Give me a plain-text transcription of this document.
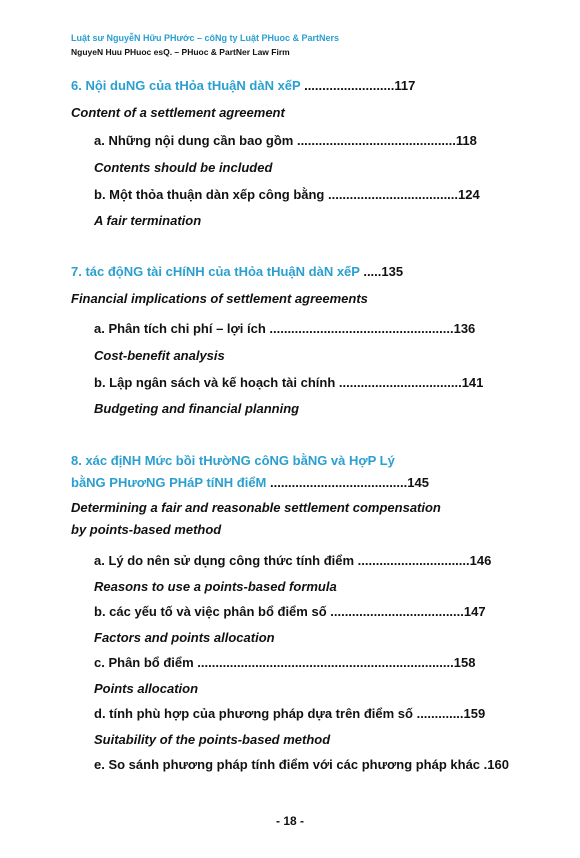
Luật sư NguyễN Hữu PHước – côNg ty Luật PHuoc & PartNers
NguyeN Huu PHuoc esQ. – PHuoc & PartNer Law Firm
6. Nội duNG của tHỏa tHuậN dàN xếP .........................117
Content of a settlement agreement
a. Những nội dung cần bao gồm ............................................118
Contents should be included
b. Một thỏa thuận dàn xếp công bằng ....................................124
A fair termination
7. tác độNG tài cHíNH của tHỏa tHuậN dàN xếP .....135
Financial implications of settlement agreements
a. Phân tích chi phí – lợi ích ...................................................136
Cost-benefit analysis
b. Lập ngân sách và kế hoạch tài chính ..................................141
Budgeting and financial planning
8. xác địNH Mức bồi tHườNG côNG bằNG và HợP Lý
bằNG PHươNG PHáP tíNH điểM ......................................145
Determining a fair and reasonable settlement compensation
by points-based method
a. Lý do nên sử dụng công thức tính điểm ...............................146
Reasons to use a points-based formula
b. các yếu tố và việc phân bổ điểm số .....................................147
Factors and points allocation
c. Phân bổ điểm .......................................................................158
Points allocation
d. tính phù hợp của phương pháp dựa trên điểm số .............159
Suitability of the points-based method
e. So sánh phương pháp tính điểm với các phương pháp khác .160
- 18 -
